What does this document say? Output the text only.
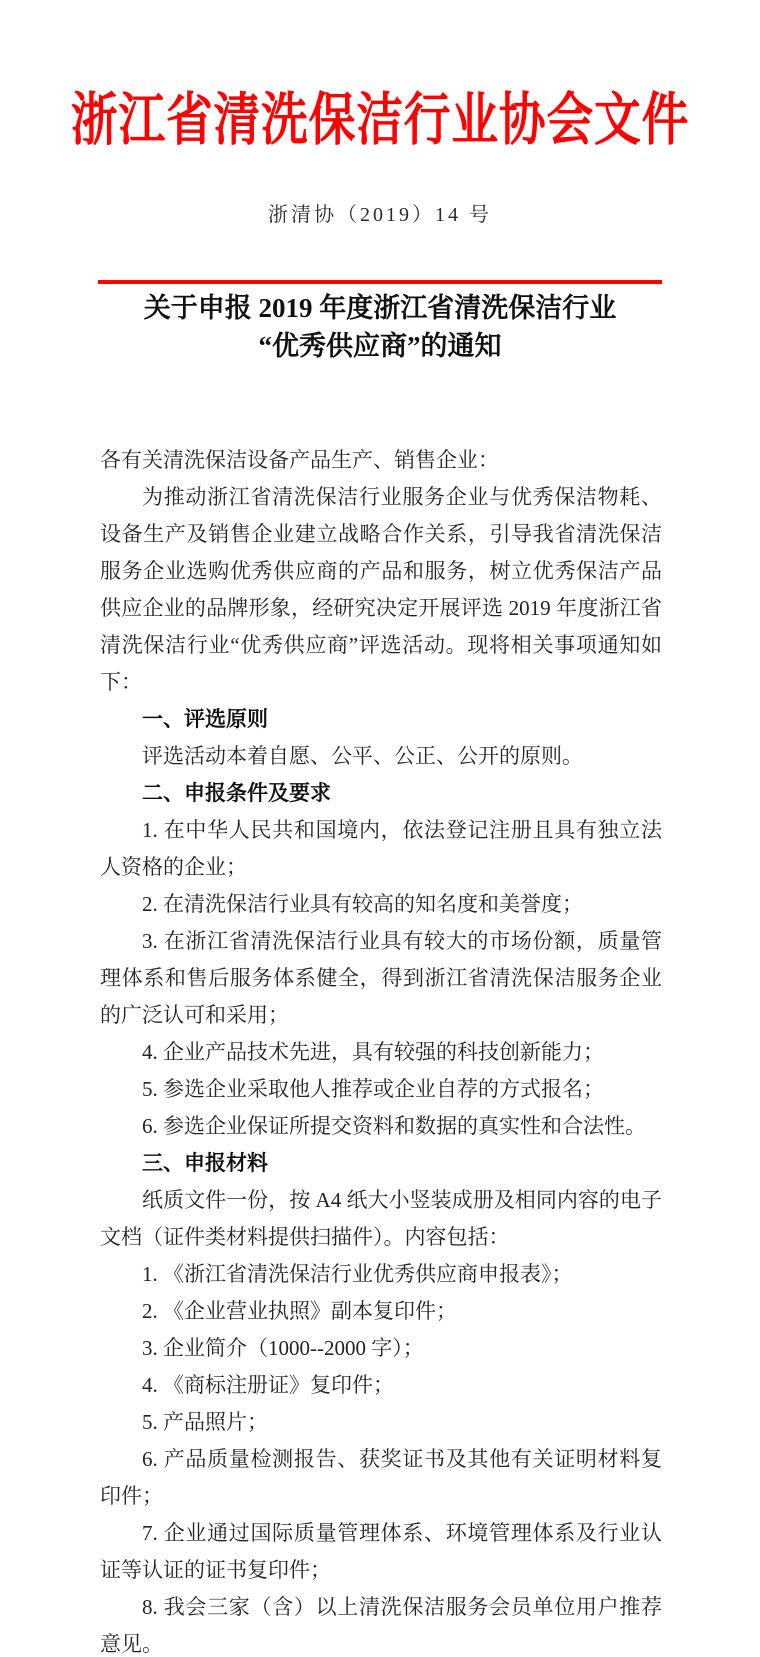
浙江省清洗保洁行业协会文件
浙清协（2019）14 号
关于申报 2019 年度浙江省清洗保洁行业
“优秀供应商”的通知

各有关清洗保洁设备产品生产、销售企业：

为推动浙江省清洗保洁行业服务企业与优秀保洁物耗、设备生产及销售企业建立战略合作关系，引导我省清洗保洁服务企业选购优秀供应商的产品和服务，树立优秀保洁产品供应企业的品牌形象，经研究决定开展评选 2019 年度浙江省清洗保洁行业“优秀供应商”评选活动。现将相关事项通知如下：

一、评选原则

评选活动本着自愿、公平、公正、公开的原则。

二、申报条件及要求

1. 在中华人民共和国境内，依法登记注册且具有独立法人资格的企业；

2. 在清洗保洁行业具有较高的知名度和美誉度；

3. 在浙江省清洗保洁行业具有较大的市场份额，质量管理体系和售后服务体系健全，得到浙江省清洗保洁服务企业的广泛认可和采用；

4. 企业产品技术先进，具有较强的科技创新能力；

5. 参选企业采取他人推荐或企业自荐的方式报名；

6. 参选企业保证所提交资料和数据的真实性和合法性。

三、申报材料

纸质文件一份，按 A4 纸大小竖装成册及相同内容的电子文档（证件类材料提供扫描件）。内容包括：

1. 《浙江省清洗保洁行业优秀供应商申报表》；

2. 《企业营业执照》副本复印件；

3. 企业简介（1000--2000 字）；

4. 《商标注册证》复印件；

5. 产品照片；

6. 产品质量检测报告、获奖证书及其他有关证明材料复印件；

7. 企业通过国际质量管理体系、环境管理体系及行业认证等认证的证书复印件；

8. 我会三家（含）以上清洗保洁服务会员单位用户推荐意见。
